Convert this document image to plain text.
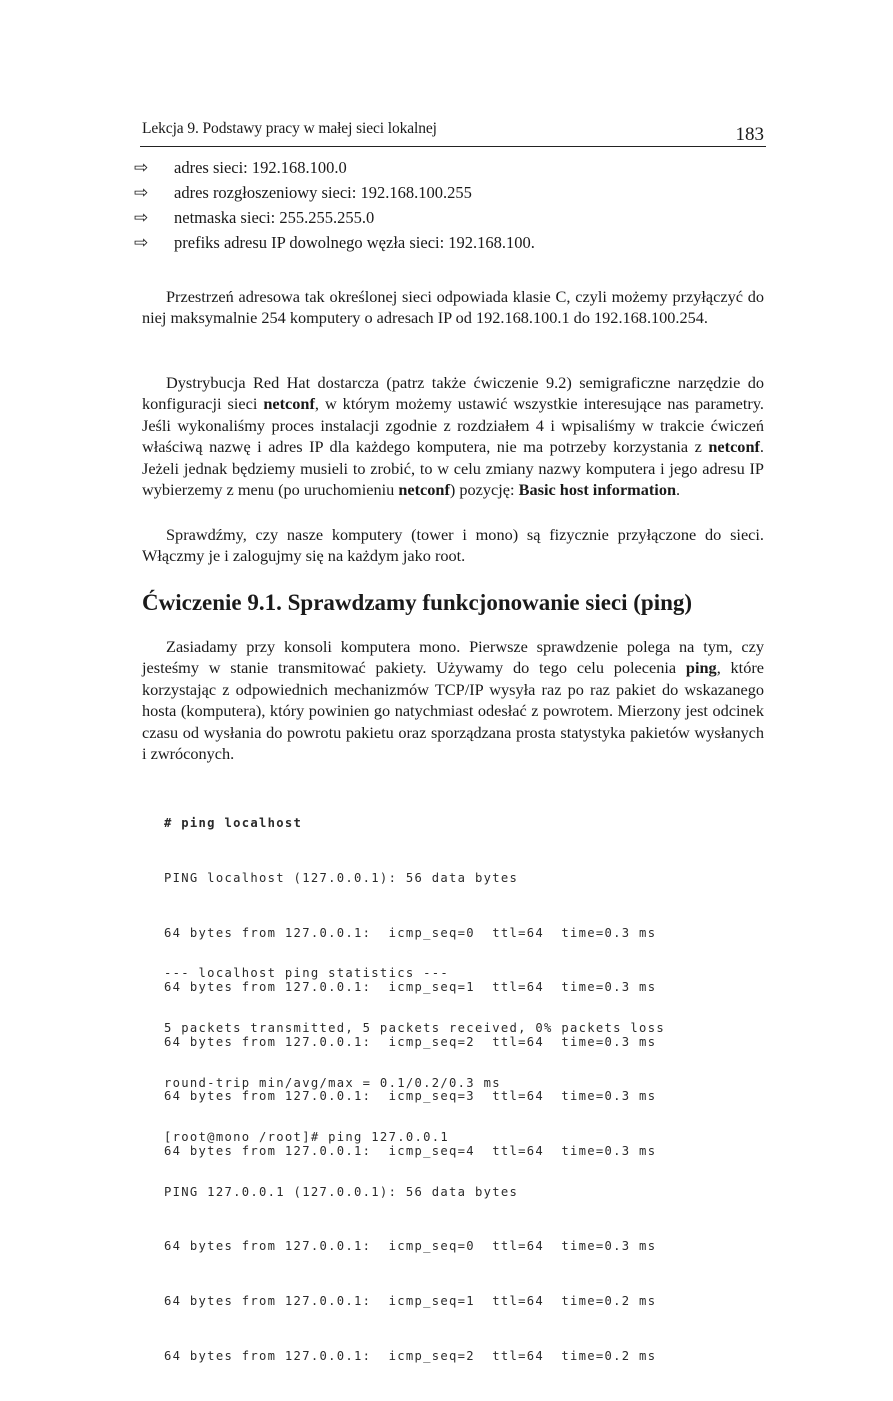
Lekcja 9. Podstawy pracy w małej sieci lokalnej	183
⇨	adres sieci: 192.168.100.0
⇨	adres rozgłoszeniowy sieci: 192.168.100.255
⇨	netmaska sieci: 255.255.255.0
⇨	prefiks adresu IP dowolnego węzła sieci: 192.168.100.

Przestrzeń adresowa tak określonej sieci odpowiada klasie C, czyli możemy przyłączyć do niej maksymalnie 254 komputery o adresach IP od 192.168.100.1 do 192.168.100.254.

Dystrybucja Red Hat dostarcza (patrz także ćwiczenie 9.2) semigraficzne narzędzie do konfiguracji sieci netconf, w którym możemy ustawić wszystkie interesujące nas parametry. Jeśli wykonaliśmy proces instalacji zgodnie z rozdziałem 4 i wpisaliśmy w trakcie ćwiczeń właściwą nazwę i adres IP dla każdego komputera, nie ma potrzeby korzystania z netconf. Jeżeli jednak będziemy musieli to zrobić, to w celu zmiany nazwy komputera i jego adresu IP wybierzemy z menu (po uruchomieniu netconf) pozycję: Basic host information.

Sprawdźmy, czy nasze komputery (tower i mono) są fizycznie przyłączone do sieci. Włączmy je i zalogujmy się na każdym jako root.

Ćwiczenie 9.1. Sprawdzamy funkcjonowanie sieci (ping)

Zasiadamy przy konsoli komputera mono. Pierwsze sprawdzenie polega na tym, czy jesteśmy w stanie transmitować pakiety. Używamy do tego celu polecenia ping, które korzystając z odpowiednich mechanizmów TCP/IP wysyła raz po raz pakiet do wskazanego hosta (komputera), który powinien go natychmiast odesłać z powrotem. Mierzony jest odcinek czasu od wysłania do powrotu pakietu oraz sporządzana prosta statystyka pakietów wysłanych i zwróconych.

# ping localhost

PING localhost (127.0.0.1): 56 data bytes

64 bytes from 127.0.0.1:  icmp_seq=0  ttl=64  time=0.3 ms

64 bytes from 127.0.0.1:  icmp_seq=1  ttl=64  time=0.3 ms

64 bytes from 127.0.0.1:  icmp_seq=2  ttl=64  time=0.3 ms

64 bytes from 127.0.0.1:  icmp_seq=3  ttl=64  time=0.3 ms

64 bytes from 127.0.0.1:  icmp_seq=4  ttl=64  time=0.3 ms

--- localhost ping statistics ---

5 packets transmitted, 5 packets received, 0% packets loss

round-trip min/avg/max = 0.1/0.2/0.3 ms

[root@mono /root]# ping 127.0.0.1

PING 127.0.0.1 (127.0.0.1): 56 data bytes

64 bytes from 127.0.0.1:  icmp_seq=0  ttl=64  time=0.3 ms

64 bytes from 127.0.0.1:  icmp_seq=1  ttl=64  time=0.2 ms

64 bytes from 127.0.0.1:  icmp_seq=2  ttl=64  time=0.2 ms
